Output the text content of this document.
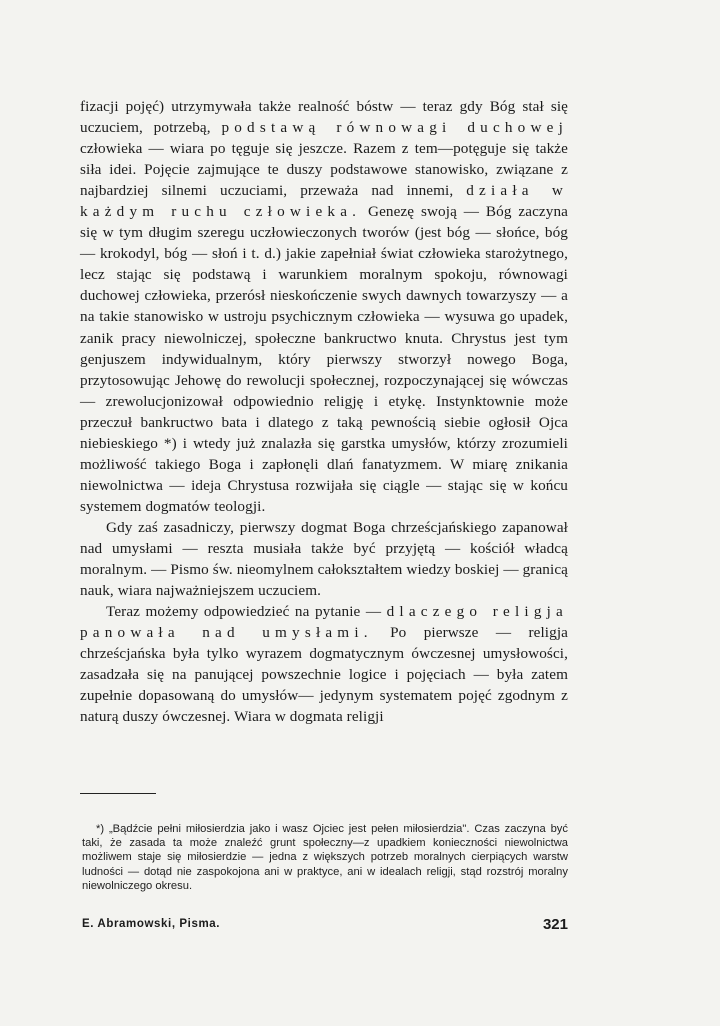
fizacji pojęć) utrzymywała także realność bóstw — teraz gdy Bóg stał się uczuciem, potrzebą, podstawą równowagi duchowej człowieka — wiara po tęguje się jeszcze. Razem z tem—potęguje się także siła idei. Pojęcie zajmujące te duszy podstawowe stanowisko, związane z najbardziej silnemi uczuciami, przeważa nad innemi, działa w każdym ruchu człowieka. Genezę swoją — Bóg zaczyna się w tym długim szeregu uczłowieczonych tworów (jest bóg — słońce, bóg — krokodyl, bóg — słoń i t. d.) jakie zapełniał świat człowieka starożytnego, lecz stając się podstawą i warunkiem moralnym spokoju, równowagi duchowej człowieka, przerósł nieskończenie swych dawnych towarzyszy — a na takie stanowisko w ustroju psychicznym człowieka — wysuwa go upadek, zanik pracy niewolniczej, społeczne bankructwo knuta. Chrystus jest tym genjuszem indywidualnym, który pierwszy stworzył nowego Boga, przytosowując Jehowę do rewolucji społecznej, rozpoczynającej się wówczas — zrewolucjonizował odpowiednio religję i etykę. Instynktownie może przeczuł bankructwo bata i dlatego z taką pewnością siebie ogłosił Ojca niebieskiego *) i wtedy już znalazła się garstka umysłów, którzy zrozumieli możliwość takiego Boga i zapłonęli dlań fanatyzmem. W miarę znikania niewolnictwa — ideja Chrystusa rozwijała się ciągle — stając się w końcu systemem dogmatów teologji.

Gdy zaś zasadniczy, pierwszy dogmat Boga chrześcjańskiego zapanował nad umysłami — reszta musiała także być przyjętą — kościół władcą moralnym. — Pismo św. nieomylnem całokształtem wiedzy boskiej — granicą nauk, wiara najważniejszem uczuciem.

Teraz możemy odpowiedzieć na pytanie — dlaczego religja panowała nad umysłami. Po pierwsze — religja chrześcjańska była tylko wyrazem dogmatycznym ówczesnej umysłowości, zasadzała się na panującej powszechnie logice i pojęciach — była zatem zupełnie dopasowaną do umysłów— jedynym systematem pojęć zgodnym z naturą duszy ówczesnej. Wiara w dogmata religji

*) „Bądźcie pełni miłosierdzia jako i wasz Ojciec jest pełen miłosierdzia". Czas zaczyna być taki, że zasada ta może znaleźć grunt społeczny—z upadkiem konieczności niewolnictwa możliwem staje się miłosierdzie — jedna z większych potrzeb moralnych cierpiących warstw ludności — dotąd nie zaspokojona ani w praktyce, ani w idealach religji, stąd rozstrój moralny niewolniczego okresu.

E. Abramowski, Pisma.	321
